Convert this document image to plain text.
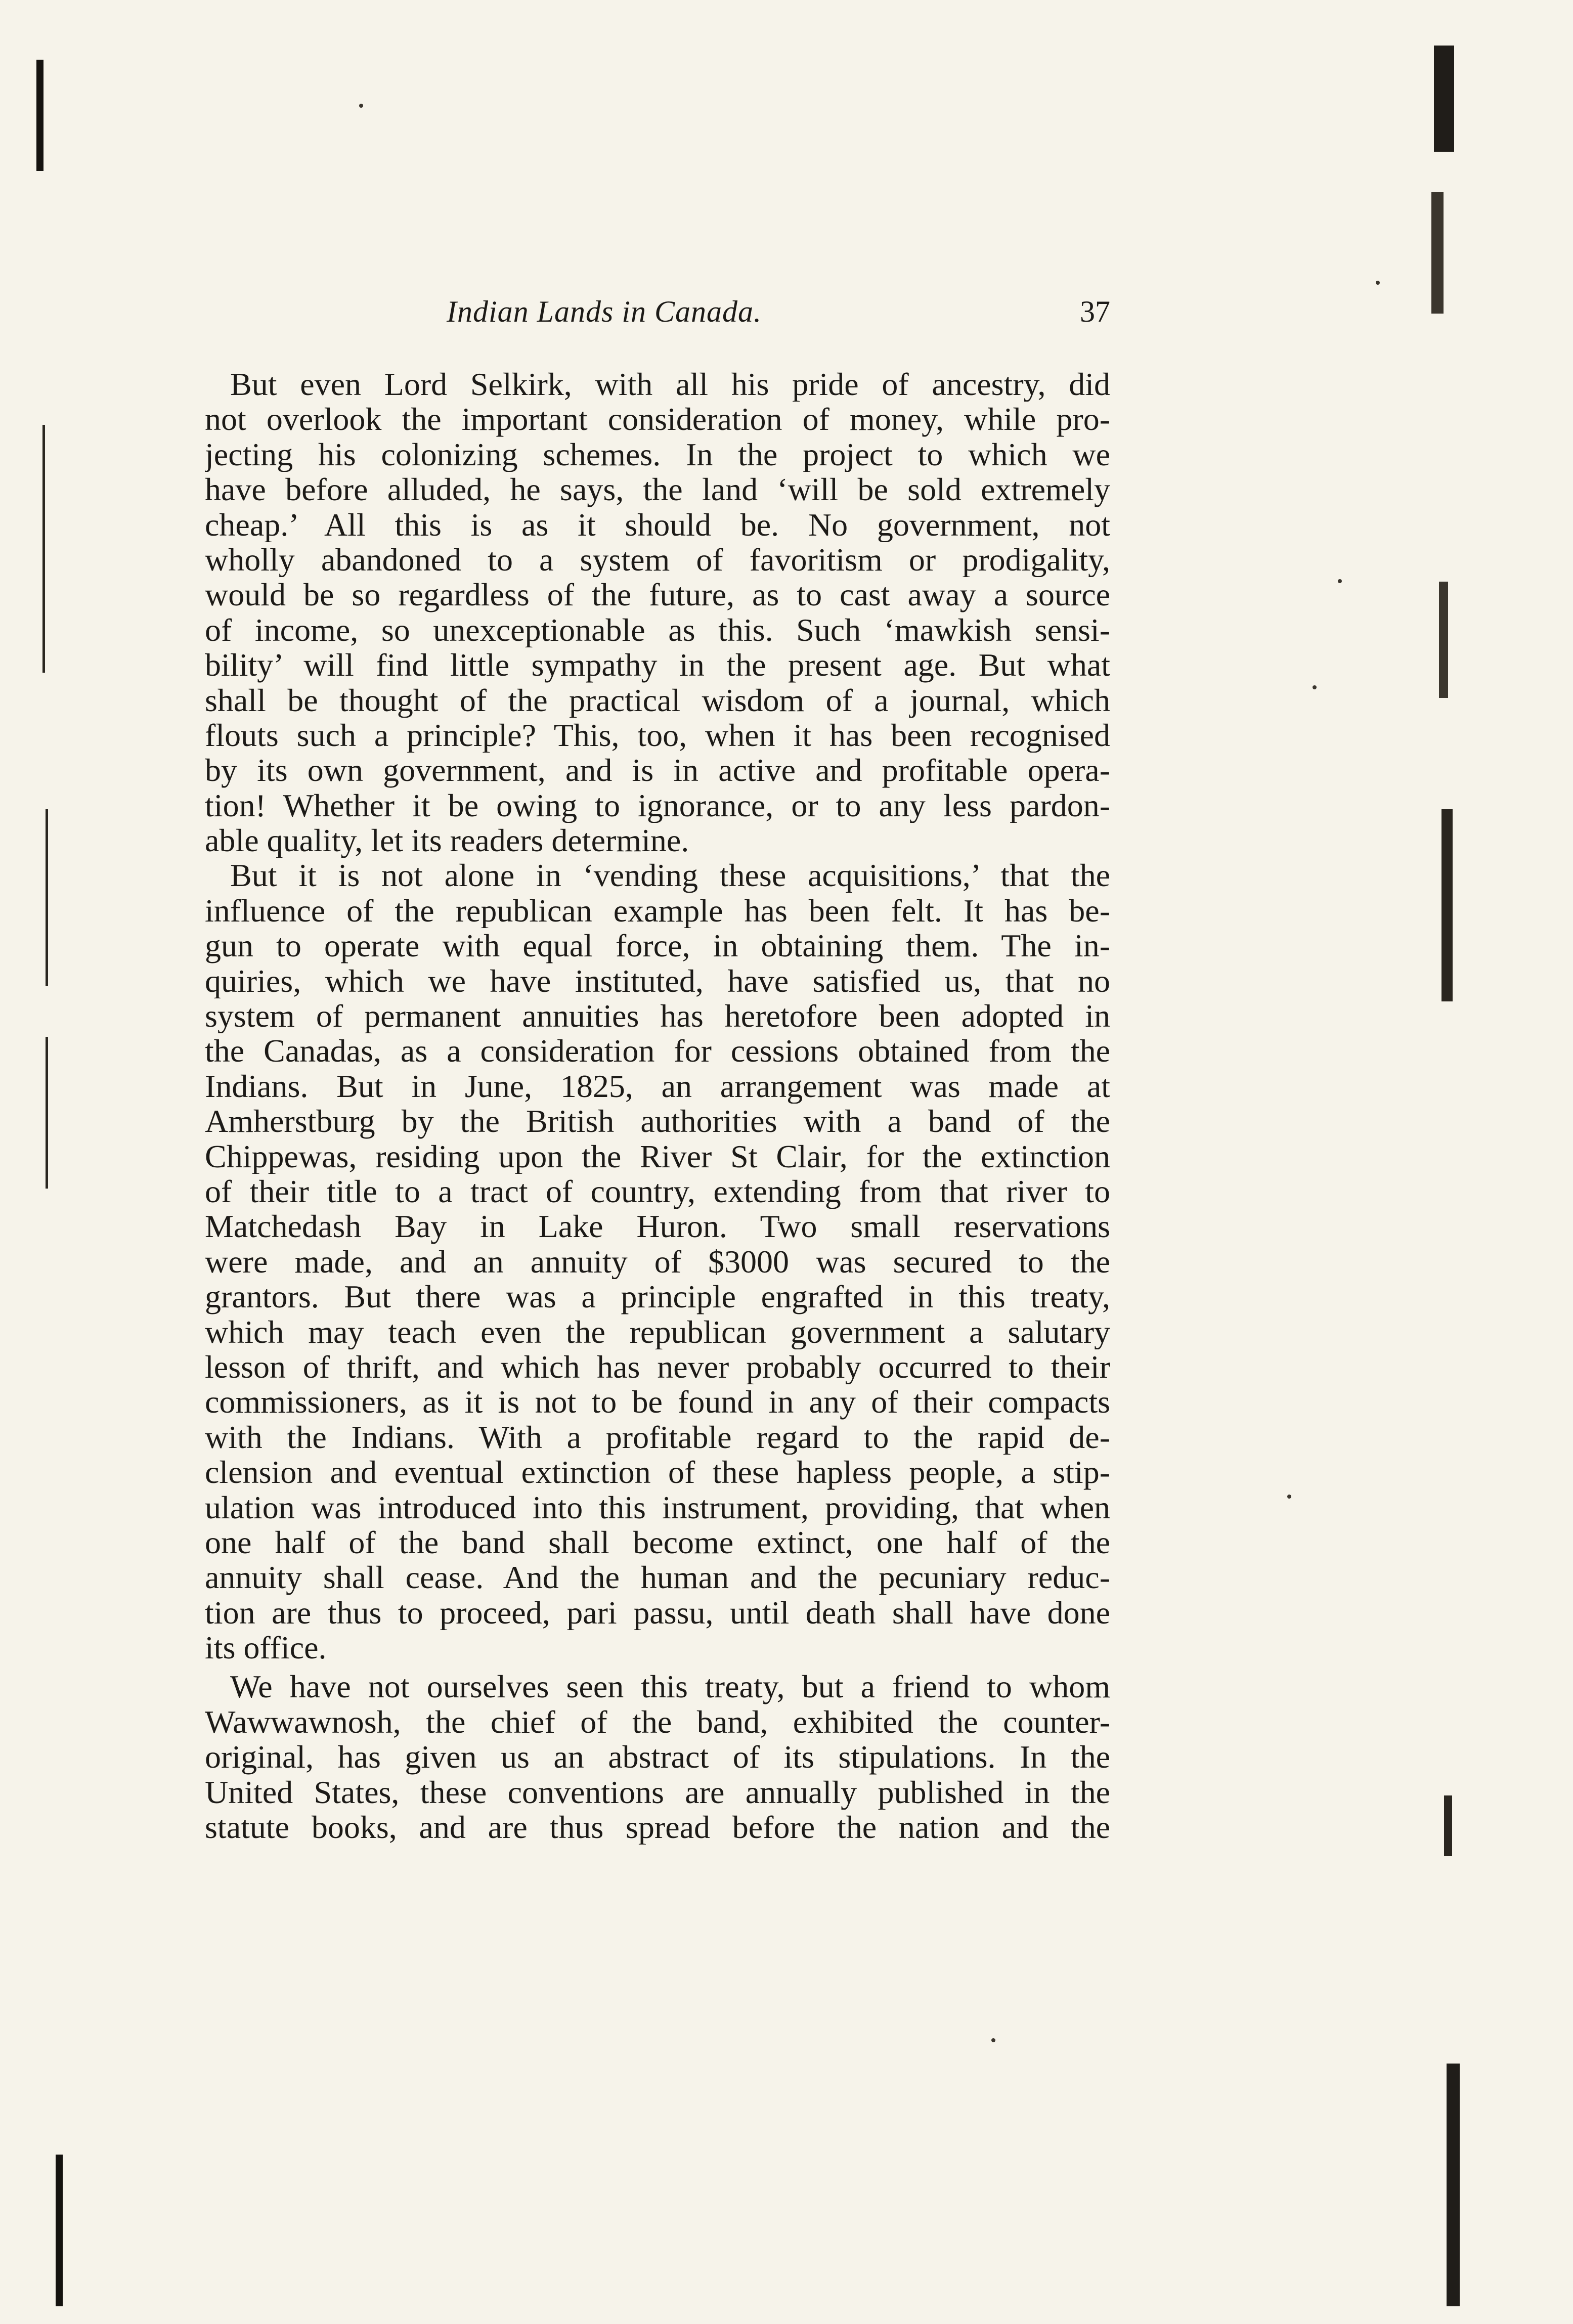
Indian Lands in Canada.	37
But even Lord Selkirk, with all his pride of ancestry, did
not overlook the important consideration of money, while pro-
jecting his colonizing schemes. In the project to which we
have before alluded, he says, the land ‘will be sold extremely
cheap.’ All this is as it should be. No government, not
wholly abandoned to a system of favoritism or prodigality,
would be so regardless of the future, as to cast away a source
of income, so unexceptionable as this. Such ‘mawkish sensi-
bility’ will find little sympathy in the present age. But what
shall be thought of the practical wisdom of a journal, which
flouts such a principle? This, too, when it has been recognised
by its own government, and is in active and profitable opera-
tion! Whether it be owing to ignorance, or to any less pardon-
able quality, let its readers determine.
But it is not alone in ‘vending these acquisitions,’ that the
influence of the republican example has been felt. It has be-
gun to operate with equal force, in obtaining them. The in-
quiries, which we have instituted, have satisfied us, that no
system of permanent annuities has heretofore been adopted in
the Canadas, as a consideration for cessions obtained from the
Indians. But in June, 1825, an arrangement was made at
Amherstburg by the British authorities with a band of the
Chippewas, residing upon the River St Clair, for the extinction
of their title to a tract of country, extending from that river to
Matchedash Bay in Lake Huron. Two small reservations
were made, and an annuity of $3000 was secured to the
grantors. But there was a principle engrafted in this treaty,
which may teach even the republican government a salutary
lesson of thrift, and which has never probably occurred to their
commissioners, as it is not to be found in any of their compacts
with the Indians. With a profitable regard to the rapid de-
clension and eventual extinction of these hapless people, a stip-
ulation was introduced into this instrument, providing, that when
one half of the band shall become extinct, one half of the
annuity shall cease. And the human and the pecuniary reduc-
tion are thus to proceed, pari passu, until death shall have done
its office.
We have not ourselves seen this treaty, but a friend to whom
Wawwawnosh, the chief of the band, exhibited the counter-
original, has given us an abstract of its stipulations. In the
United States, these conventions are annually published in the
statute books, and are thus spread before the nation and the
